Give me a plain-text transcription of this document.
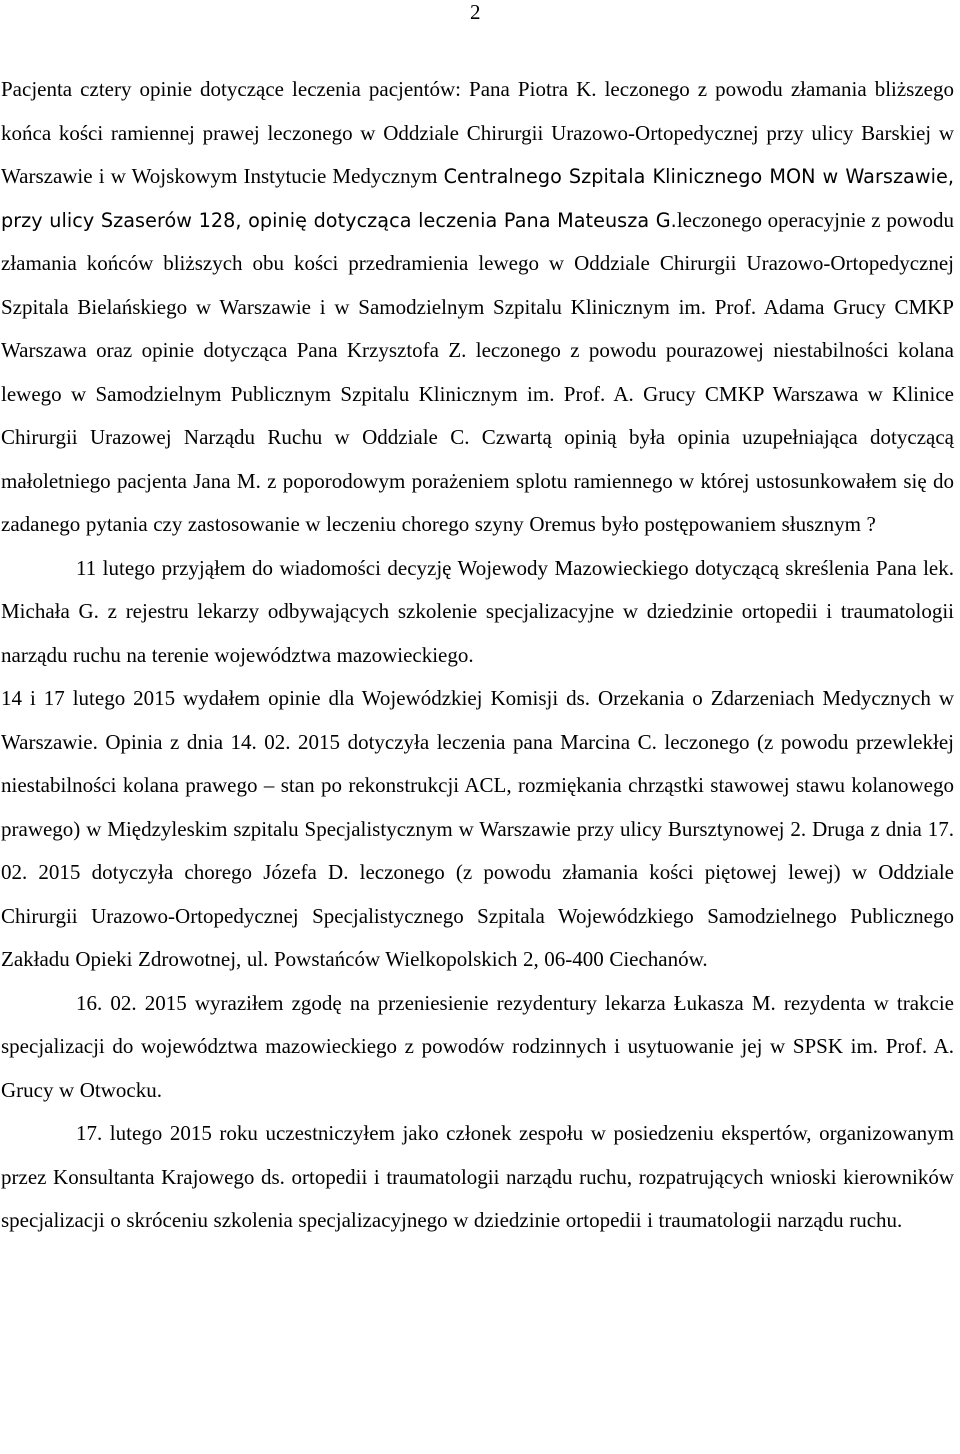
2

Pacjenta cztery opinie dotyczące leczenia pacjentów: Pana Piotra K. leczonego z powodu złamania bliższego końca kości ramiennej prawej leczonego w Oddziale Chirurgii Urazowo-Ortopedycznej przy ulicy Barskiej w Warszawie i w Wojskowym Instytucie Medycznym Centralnego Szpitala Klinicznego MON w Warszawie, przy ulicy Szaserów 128, opinię dotycząca leczenia Pana Mateusza G.leczonego operacyjnie z powodu złamania końców bliższych obu kości przedramienia lewego w Oddziale Chirurgii Urazowo-Ortopedycznej Szpitala Bielańskiego w Warszawie i w Samodzielnym Szpitalu Klinicznym im. Prof. Adama Grucy CMKP Warszawa oraz opinie dotycząca Pana Krzysztofa Z. leczonego z powodu pourazowej niestabilności kolana lewego w Samodzielnym Publicznym Szpitalu Klinicznym im. Prof. A. Grucy CMKP Warszawa w Klinice Chirurgii Urazowej Narządu Ruchu w Oddziale C. Czwartą opinią była opinia uzupełniająca dotyczącą małoletniego pacjenta Jana M. z poporodowym porażeniem splotu ramiennego w której ustosunkowałem się do zadanego pytania czy zastosowanie w leczeniu chorego szyny Oremus było postępowaniem słusznym ?

11 lutego przyjąłem do wiadomości decyzję Wojewody Mazowieckiego dotyczącą skreślenia Pana lek. Michała G. z rejestru lekarzy odbywających szkolenie specjalizacyjne w dziedzinie ortopedii i traumatologii narządu ruchu na terenie województwa mazowieckiego.

14 i 17 lutego 2015 wydałem opinie dla Wojewódzkiej Komisji ds. Orzekania o Zdarzeniach Medycznych w Warszawie. Opinia z dnia 14. 02. 2015 dotyczyła leczenia pana Marcina C. leczonego (z powodu przewlekłej niestabilności kolana prawego – stan po rekonstrukcji ACL, rozmiękania chrząstki stawowej stawu kolanowego prawego) w Międzyleskim szpitalu Specjalistycznym w Warszawie przy ulicy Bursztynowej 2. Druga z dnia 17. 02. 2015 dotyczyła chorego Józefa D. leczonego (z powodu złamania kości piętowej lewej) w Oddziale Chirurgii Urazowo-Ortopedycznej Specjalistycznego Szpitala Wojewódzkiego Samodzielnego Publicznego Zakładu Opieki Zdrowotnej, ul. Powstańców Wielkopolskich 2, 06-400 Ciechanów.

16. 02. 2015 wyraziłem zgodę na przeniesienie rezydentury lekarza Łukasza M. rezydenta w trakcie specjalizacji do województwa mazowieckiego z powodów rodzinnych i usytuowanie jej w SPSK im. Prof. A. Grucy w Otwocku.

17. lutego 2015 roku uczestniczyłem jako członek zespołu w posiedzeniu ekspertów, organizowanym przez Konsultanta Krajowego ds. ortopedii i traumatologii narządu ruchu, rozpatrujących wnioski kierowników specjalizacji o skróceniu szkolenia specjalizacyjnego w dziedzinie ortopedii i traumatologii narządu ruchu.
